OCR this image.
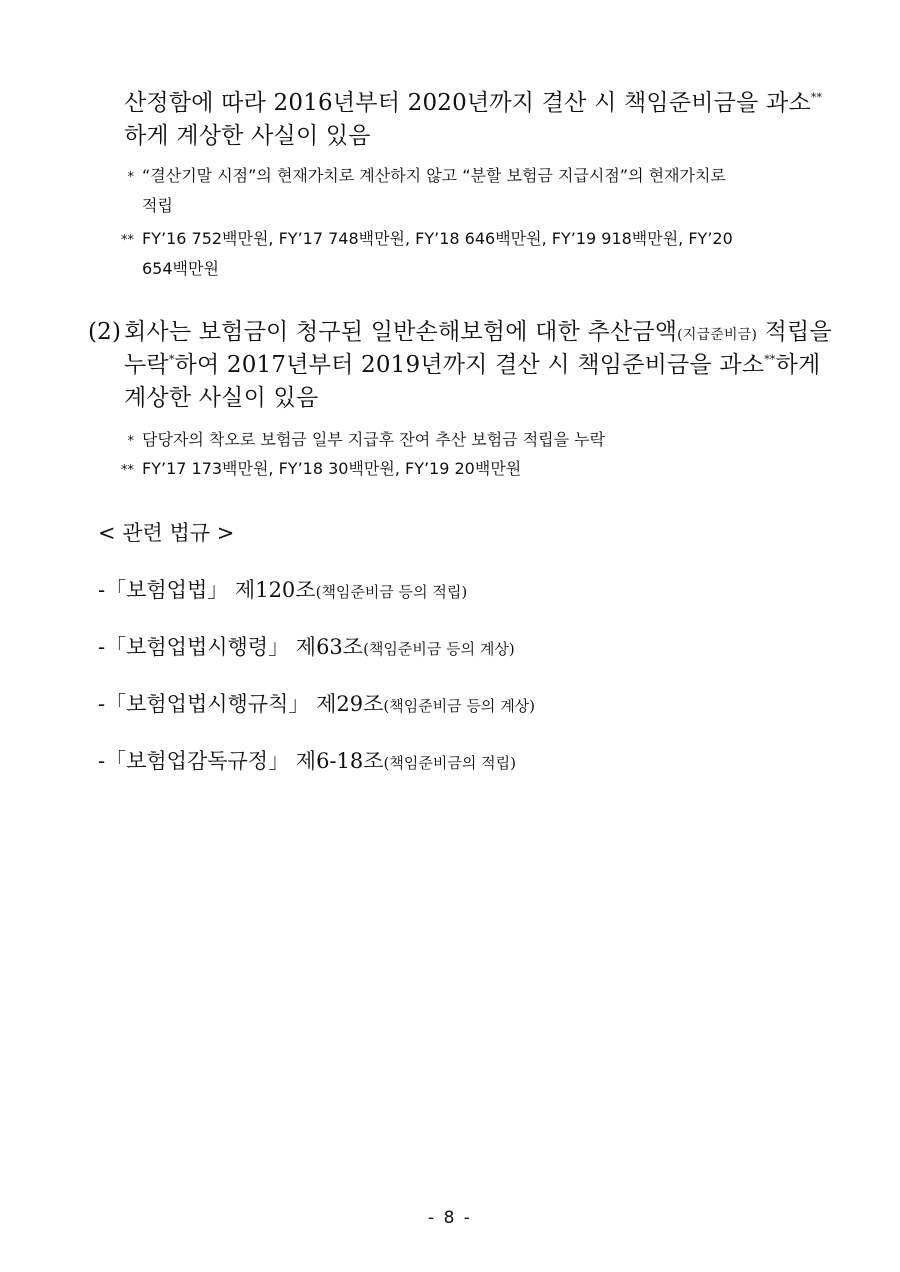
산정함에 따라 2016년부터 2020년까지 결산 시 책임준비금을 과소**
하게 계상한 사실이 있음
* “결산기말 시점”의 현재가치로 계산하지 않고 “분할 보험금 지급시점”의 현재가치로
적립
** FY’16 752백만원, FY’17 748백만원, FY’18 646백만원, FY’19 918백만원, FY’20
654백만원
(2) 회사는 보험금이 청구된 일반손해보험에 대한 추산금액(지급준비금) 적립을
누락*하여 2017년부터 2019년까지 결산 시 책임준비금을 과소**하게
계상한 사실이 있음
* 담당자의 착오로 보험금 일부 지급후 잔여 추산 보험금 적립을 누락
** FY’17 173백만원, FY’18 30백만원, FY’19 20백만원
< 관련 법규 >
-「보험업법」 제120조(책임준비금 등의 적립)
-「보험업법시행령」 제63조(책임준비금 등의 계상)
-「보험업법시행규칙」 제29조(책임준비금 등의 계상)
-「보험업감독규정」 제6-18조(책임준비금의 적립)
- 8 -
